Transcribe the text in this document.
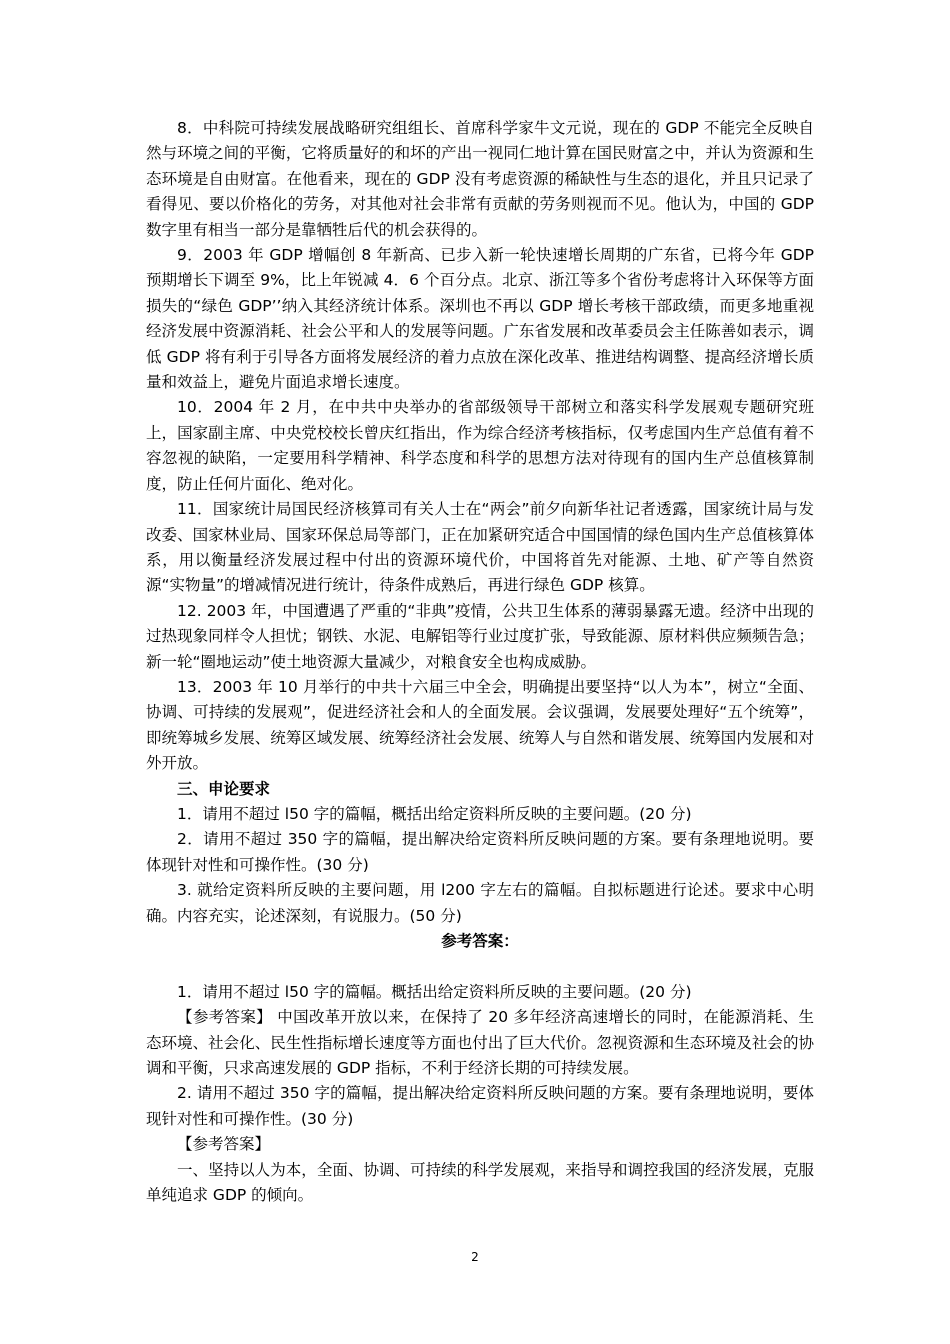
8．中科院可持续发展战略研究组组长、首席科学家牛文元说，现在的 GDP 不能完全反映自然与环境之间的平衡，它将质量好的和坏的产出一视同仁地计算在国民财富之中，并认为资源和生态环境是自由财富。在他看来，现在的 GDP 没有考虑资源的稀缺性与生态的退化，并且只记录了看得见、要以价格化的劳务，对其他对社会非常有贡献的劳务则视而不见。他认为，中国的 GDP 数字里有相当一部分是靠牺牲后代的机会获得的。

9．2003 年 GDP 增幅创 8 年新高、已步入新一轮快速增长周期的广东省，已将今年 GDP 预期增长下调至 9%，比上年锐减 4．6 个百分点。北京、浙江等多个省份考虑将计入环保等方面损失的“绿色 GDP’’纳入其经济统计体系。深圳也不再以 GDP 增长考核干部政绩，而更多地重视经济发展中资源消耗、社会公平和人的发展等问题。广东省发展和改革委员会主任陈善如表示，调低 GDP 将有利于引导各方面将发展经济的着力点放在深化改革、推进结构调整、提高经济增长质量和效益上，避免片面追求增长速度。

10．2004 年 2 月，在中共中央举办的省部级领导干部树立和落实科学发展观专题研究班上，国家副主席、中央党校校长曾庆红指出，作为综合经济考核指标，仅考虑国内生产总值有着不容忽视的缺陷，一定要用科学精神、科学态度和科学的思想方法对待现有的国内生产总值核算制度，防止任何片面化、绝对化。

11．国家统计局国民经济核算司有关人士在“两会”前夕向新华社记者透露，国家统计局与发改委、国家林业局、国家环保总局等部门，正在加紧研究适合中国国情的绿色国内生产总值核算体系，用以衡量经济发展过程中付出的资源环境代价，中国将首先对能源、土地、矿产等自然资源“实物量”的增减情况进行统计，待条件成熟后，再进行绿色 GDP 核算。

12. 2003 年，中国遭遇了严重的“非典”疫情，公共卫生体系的薄弱暴露无遗。经济中出现的过热现象同样令人担忧；钢铁、水泥、电解铝等行业过度扩张，导致能源、原材料供应频频告急；新一轮“圈地运动”使土地资源大量减少，对粮食安全也构成威胁。

13．2003 年 10 月举行的中共十六届三中全会，明确提出要坚持“以人为本”，树立“全面、协调、可持续的发展观”，促进经济社会和人的全面发展。会议强调，发展要处理好“五个统筹”，即统筹城乡发展、统筹区域发展、统筹经济社会发展、统筹人与自然和谐发展、统筹国内发展和对外开放。

三、申论要求

1．请用不超过 l50 字的篇幅，概括出给定资料所反映的主要问题。(20 分)

2．请用不超过 350 字的篇幅，提出解决给定资料所反映问题的方案。要有条理地说明。要体现针对性和可操作性。(30 分)

3. 就给定资料所反映的主要问题，用 l200 字左右的篇幅。自拟标题进行论述。要求中心明确。内容充实，论述深刻，有说服力。(50 分)

参考答案：

1．请用不超过 l50 字的篇幅。概括出给定资料所反映的主要问题。(20 分)

【参考答案】 中国改革开放以来，在保持了 20 多年经济高速增长的同时，在能源消耗、生态环境、社会化、民生性指标增长速度等方面也付出了巨大代价。忽视资源和生态环境及社会的协调和平衡，只求高速发展的 GDP 指标，不利于经济长期的可持续发展。

2. 请用不超过 350 字的篇幅，提出解决给定资料所反映问题的方案。要有条理地说明，要体现针对性和可操作性。(30 分)

【参考答案】

一、坚持以人为本，全面、协调、可持续的科学发展观，来指导和调控我国的经济发展，克服单纯追求 GDP 的倾向。

2
